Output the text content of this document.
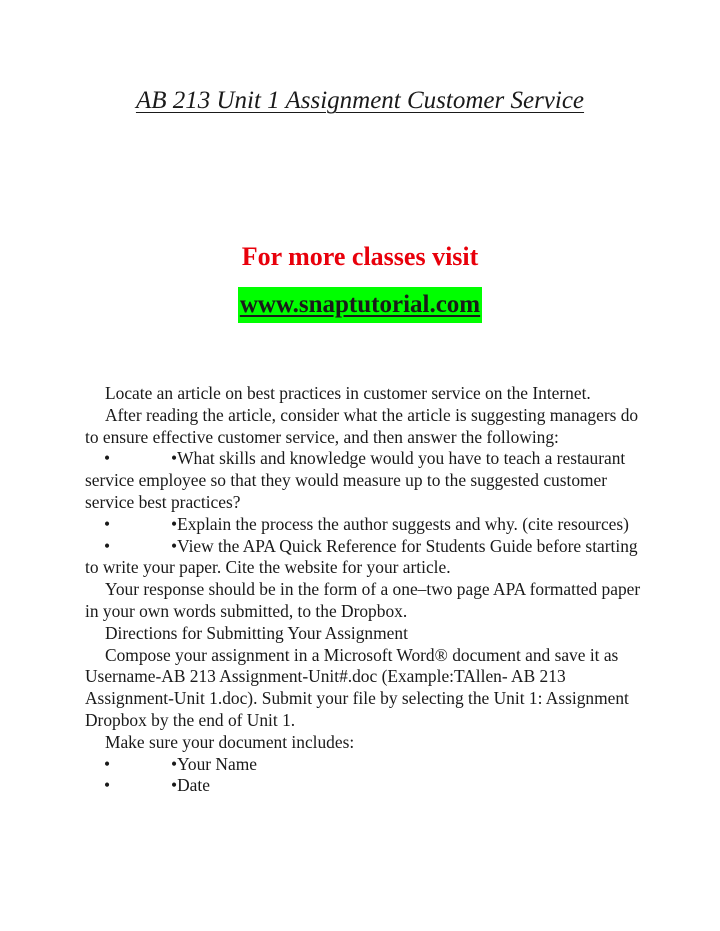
AB 213 Unit 1 Assignment Customer Service
For more classes visit
www.snaptutorial.com

Locate an article on best practices in customer service on the Internet.

After reading the article, consider what the article is suggesting managers do to ensure effective customer service, and then answer the following:

•	•What skills and knowledge would you have to teach a restaurant service employee so that they would measure up to the suggested customer service best practices?

•	•Explain the process the author suggests and why. (cite resources)

•	•View the APA Quick Reference for Students Guide before starting to write your paper. Cite the website for your article.

Your response should be in the form of a one–two page APA formatted paper in your own words submitted, to the Dropbox.

Directions for Submitting Your Assignment

Compose your assignment in a Microsoft Word® document and save it as Username-AB 213 Assignment-Unit#.doc (Example:TAllen- AB 213 Assignment-Unit 1.doc). Submit your file by selecting the Unit 1: Assignment Dropbox by the end of Unit 1.

Make sure your document includes:

•	•Your Name

•	•Date
